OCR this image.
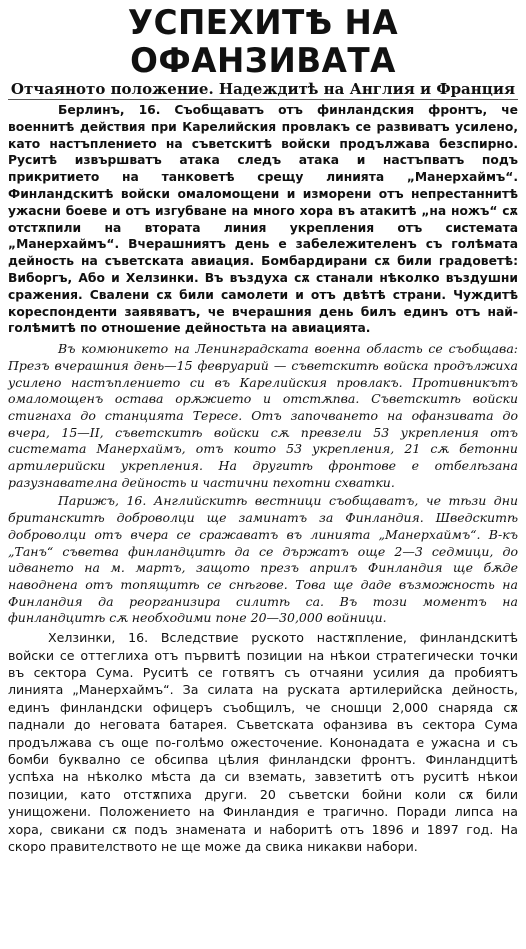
УСПЕХИТѢ НА ОФАНЗИВАТА
Отчаяното положение. Надеждитѣ на Англия и Франция

Берлинъ, 16. Съобщаватъ отъ финландския фронтъ, че военнитѣ действия при Карелийския провлакъ се развиватъ усилено, като настъплението на съветскитѣ войски продължава безспирно. Руситѣ извършватъ атака следъ атака и настъпватъ подъ прикритието на танковетѣ срещу линията „Манерхаймъ“. Финландскитѣ войски омаломощени и изморени отъ непрестаннитѣ ужасни боеве и отъ изгубване на много хора въ атакитѣ „на ножъ“ сѫ отстѫпили на втората линия укрепления отъ системата „Манерхаймъ“. Вчерашниятъ день е забележителенъ съ голѣмата дейность на съветската авиация. Бомбардирани сѫ били градоветѣ: Виборгъ, Або и Хелзинки. Въ въздуха сѫ станали нѣколко въздушни сражения. Свалени сѫ били самолети и отъ двѣтѣ страни. Чуждитѣ кореспонденти заявяватъ, че вчерашния день билъ единъ отъ най-голѣмитѣ по отношение дейностьта на авиацията.

Въ комюникето на Ленинградската военна область се съобщава: Презъ вчерашния день—15 февруарий — съветскитѣ войска продължиха усилено настъплението си въ Карелийския провлакъ. Противникътъ омаломощенъ остава орѫжието и отстѫпва. Съветскитѣ войски стигнаха до станцията Тересе. Отъ започването на офанзивата до вчера, 15—II, съветскитѣ войски сѫ превзели 53 укрепления отъ системата Манерхаймъ, отъ които 53 укрепления, 21 сѫ бетонни артилерийски укрепления. На другитѣ фронтове е отбелѣзана разузнавателна дейность и частични пехотни схватки.

Парижъ, 16. Английскитѣ вестници съобщаватъ, че тѣзи дни британскитѣ доброволци ще заминатъ за Финландия. Шведскитѣ доброволци отъ вчера се сражаватъ въ линията „Манерхаймъ“. В-къ „Танъ“ съветва финландцитѣ да се държатъ още 2—3 седмици, до идването на м. мартъ, защото презъ априлъ Финландия ще бѫде наводнена отъ топящитѣ се снѣгове. Това ще даде възможность на Финландия да реорганизира силитѣ са. Въ този моментъ на финландцитѣ сѫ необходими поне 20—30,000 войници.

Хелзинки, 16. Вследствие руското настѫпление, финландскитѣ войски се оттеглиха отъ първитѣ позиции на нѣкои стратегически точки въ сектора Сума. Руситѣ се готвятъ съ отчаяни усилия да пробиятъ линията „Манерхаймъ“. За силата на руската артилерийска дейность, единъ финландски офицеръ съобщилъ, че сношци 2,000 снаряда сѫ паднали до неговата батарея. Съветската офанзива въ сектора Сума продължава съ още по-голѣмо ожесточение. Кононадата е ужасна и съ бомби буквално се обсипва цѣлия финландски фронтъ. Финландцитѣ успѣха на нѣколко мѣста да си вземать, завзетитѣ отъ руситѣ нѣкои позиции, като отстѫпиха други. 20 съветски бойни коли сѫ били унищожени. Положението на Финландия е трагично. Поради липса на хора, свикани сѫ подъ знамената и наборитѣ отъ 1896 и 1897 год. На скоро правителството не ще може да свика никакви набори.
